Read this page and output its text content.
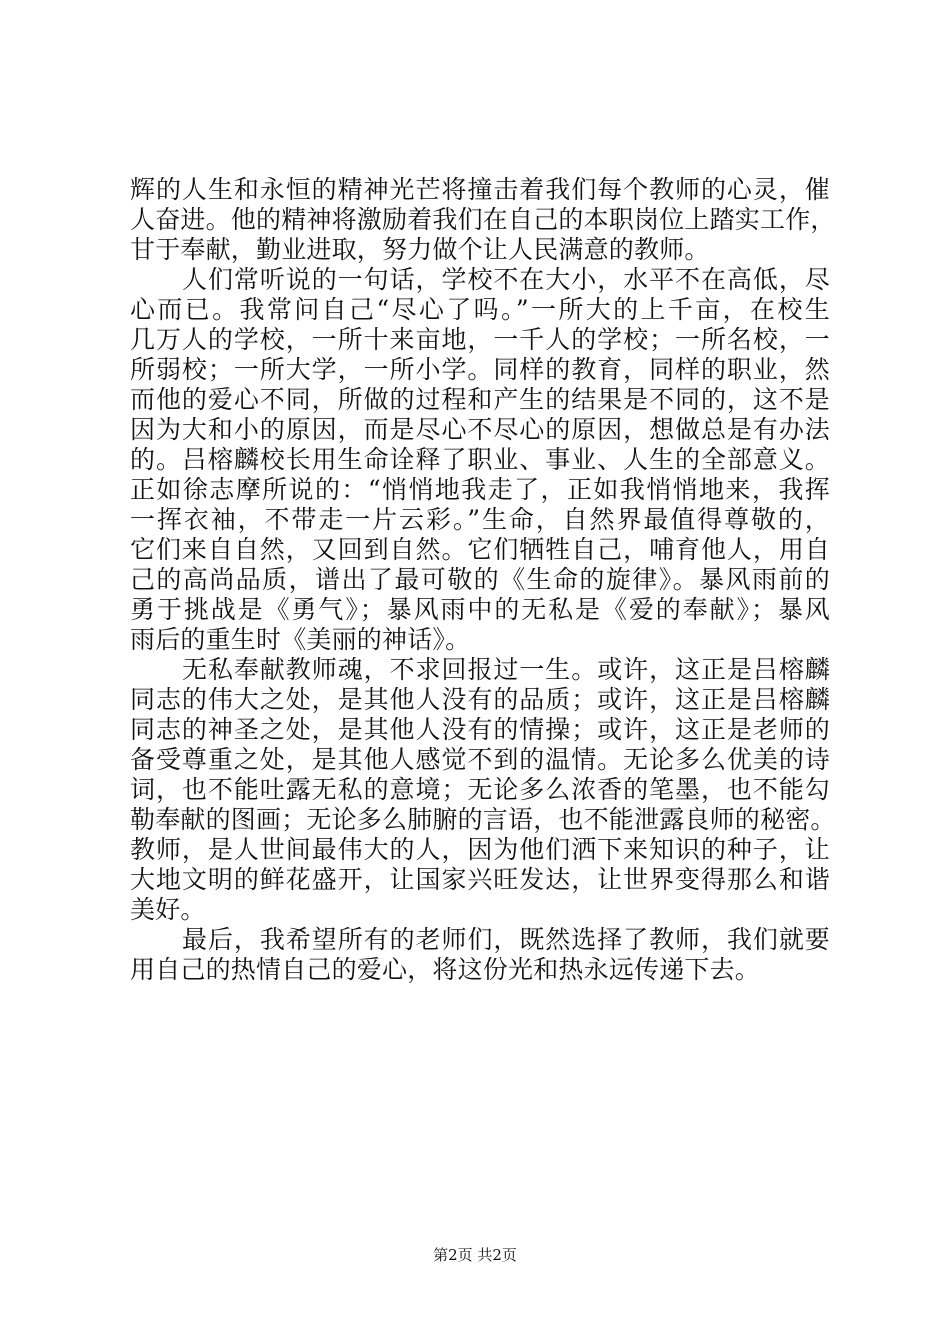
辉的人生和永恒的精神光芒将撞击着我们每个教师的心灵，催
人奋进。他的精神将激励着我们在自己的本职岗位上踏实工作，
甘于奉献，勤业进取，努力做个让人民满意的教师。
人们常听说的一句话，学校不在大小，水平不在高低，尽
心而已。我常问自己“尽心了吗。”一所大的上千亩，在校生
几万人的学校，一所十来亩地，一千人的学校；一所名校，一
所弱校；一所大学，一所小学。同样的教育，同样的职业，然
而他的爱心不同，所做的过程和产生的结果是不同的，这不是
因为大和小的原因，而是尽心不尽心的原因，想做总是有办法
的。吕榕麟校长用生命诠释了职业、事业、人生的全部意义。
正如徐志摩所说的：“悄悄地我走了，正如我悄悄地来，我挥
一挥衣袖，不带走一片云彩。”生命，自然界最值得尊敬的，
它们来自自然，又回到自然。它们牺牲自己，哺育他人，用自
己的高尚品质，谱出了最可敬的《生命的旋律》。暴风雨前的
勇于挑战是《勇气》；暴风雨中的无私是《爱的奉献》；暴风
雨后的重生时《美丽的神话》。
无私奉献教师魂，不求回报过一生。或许，这正是吕榕麟
同志的伟大之处，是其他人没有的品质；或许，这正是吕榕麟
同志的神圣之处，是其他人没有的情操；或许，这正是老师的
备受尊重之处，是其他人感觉不到的温情。无论多么优美的诗
词，也不能吐露无私的意境；无论多么浓香的笔墨，也不能勾
勒奉献的图画；无论多么肺腑的言语，也不能泄露良师的秘密。
教师，是人世间最伟大的人，因为他们洒下来知识的种子，让
大地文明的鲜花盛开，让国家兴旺发达，让世界变得那么和谐
美好。
最后，我希望所有的老师们，既然选择了教师，我们就要
用自己的热情自己的爱心，将这份光和热永远传递下去。
第2页 共2页
